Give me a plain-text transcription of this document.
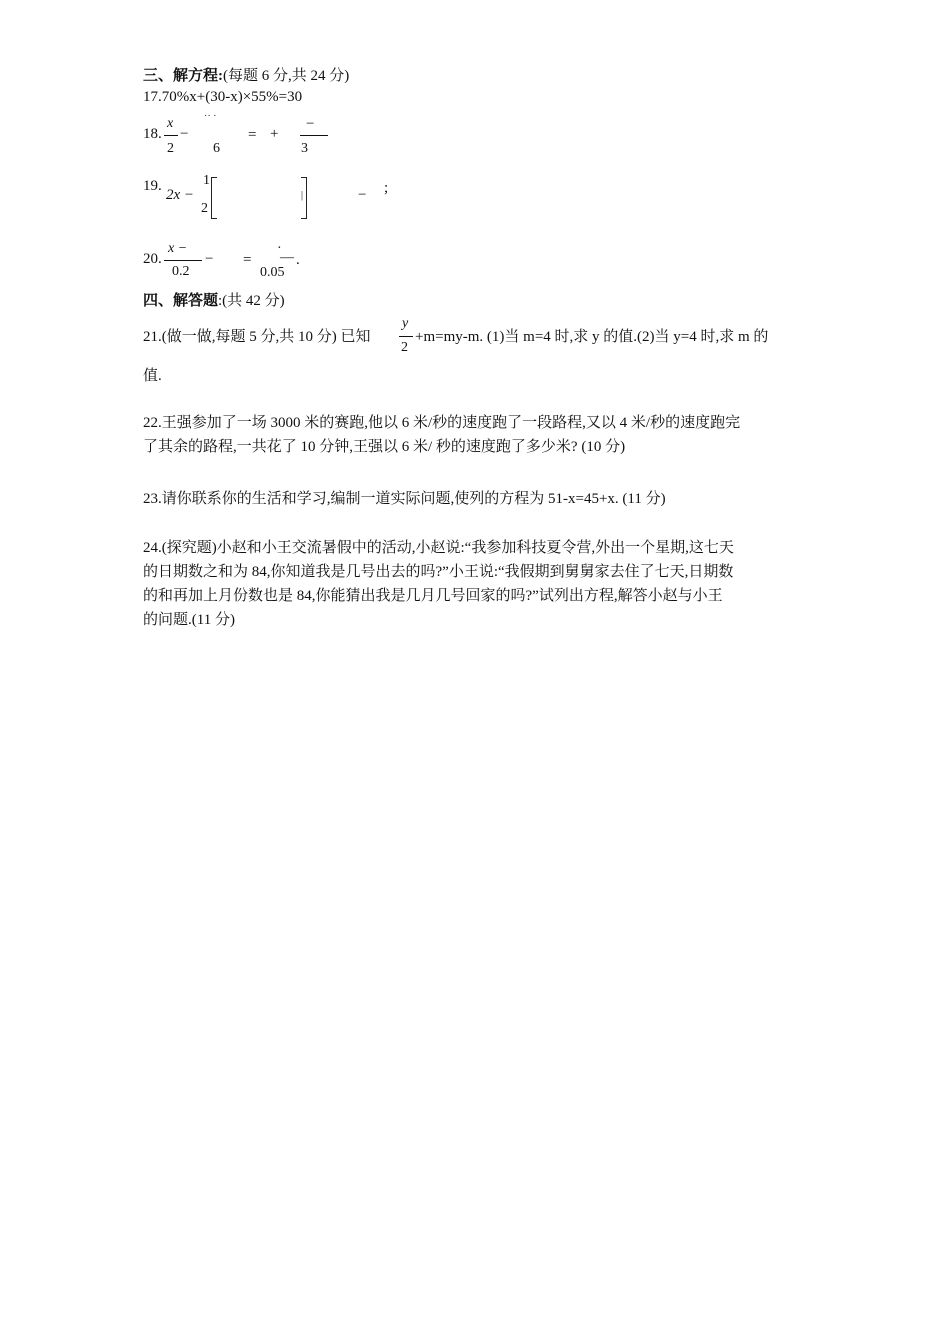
三、解方程:(每题 6 分,共 24 分)
17.70%x+(30-x)×55%=30
18.
x
2
−
˙˙ ˙
6
= +
−
3
19.
2x −
1
2
|	− ;
20.
x −
0.2
− =
·
—
0.05
.
四、解答题:(共 42 分)
21.(做一做,每题 5 分,共 10 分) 已知
y
2
+m=my-m. (1)当 m=4 时,求 y 的值.(2)当 y=4 时,求 m 的
值.
22.王强参加了一场 3000 米的赛跑,他以 6 米/秒的速度跑了一段路程,又以 4 米/秒的速度跑完
了其余的路程,一共花了 10 分钟,王强以 6 米/ 秒的速度跑了多少米? (10 分)
23.请你联系你的生活和学习,编制一道实际问题,使列的方程为 51-x=45+x. (11 分)
24.(探究题)小赵和小王交流暑假中的活动,小赵说:“我参加科技夏令营,外出一个星期,这七天
的日期数之和为 84,你知道我是几号出去的吗?”小王说:“我假期到舅舅家去住了七天,日期数
的和再加上月份数也是 84,你能猜出我是几月几号回家的吗?”试列出方程,解答小赵与小王
的问题.(11 分)
